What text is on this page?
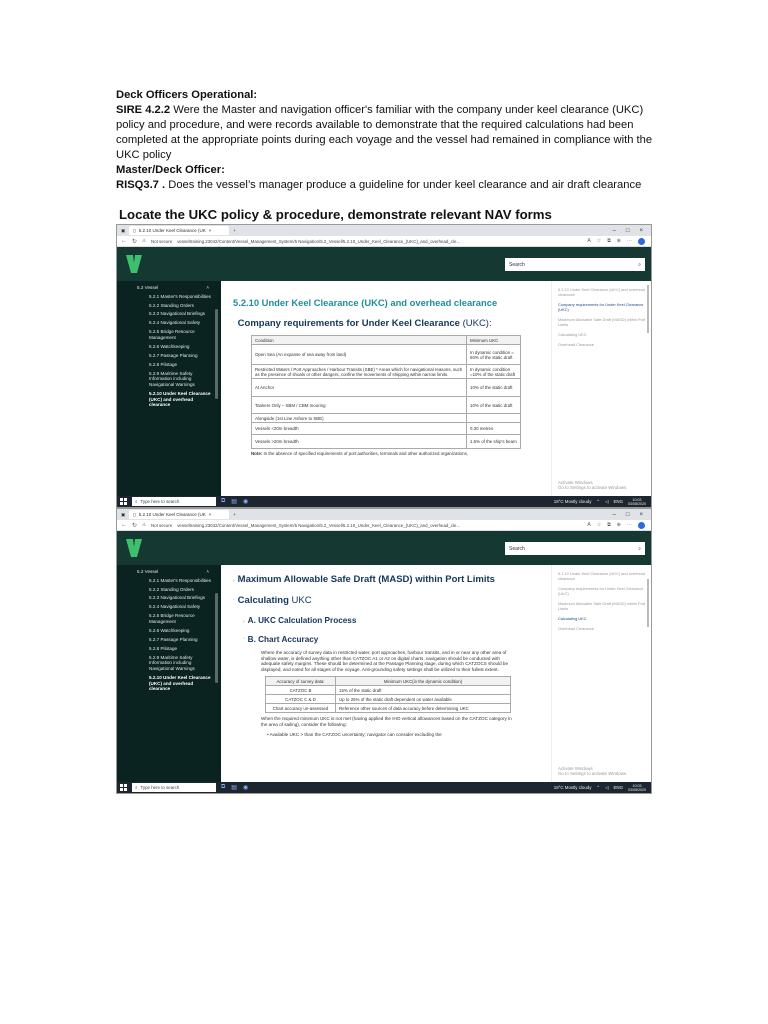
Deck Officers Operational:

SIRE 4.2.2 Were the Master and navigation officer's familiar with the company under keel clearance (UKC) policy and procedure, and were records available to demonstrate that the required calculations had been completed at the appropriate points during each voyage and the vessel had remained in compliance with the UKC policy

Master/Deck Officer:

RISQ3.7 . Does the vessel’s manager produce a guideline for under keel clearance and air draft clearance

Locate the UKC policy & procedure, demonstrate relevant NAV forms
▣ ▯ 5.2.10 Under Keel Clearance (UK ×	+	– □ ×
← ↻ ⚠ Not secure vesseltraining.23042/Content/Vessel_Management_System/5 Navigation/5.2_Vessel/5.2.10_Under_Keel_Clearance_(UKC)_and_overhead_cle...	A ☆ ⧉ ⊕ ⋯
Search	⌕
5.2 Vessel	˄
5.2.1 Master's Responsibilities
5.2.2 Standing Orders
5.2.3 Navigational Briefings
5.2.4 Navigational Safety
5.2.5 Bridge Resource Management
5.2.6 Watchkeeping
5.2.7 Passage Planning
5.2.8 Pilotage
5.2.9 Maritime Safety Information including Navigational Warnings
5.2.10 Under Keel Clearance (UKC) and overhead clearance
5.2.10 Under Keel Clearance (UKC) and overhead clearance
ˇ Company requirements for Under Keel Clearance (UKC):
Condition	Minimum UKC
Open Sea (An expanse of sea away from land)	In dynamic condition = 50% of the static draft
Restricted Waters / Port Approaches / Harbour Transits (SBE) * Areas which for navigational reasons, such as the presence of shoals or other dangers, confine the movements of shipping within narrow limits.	In dynamic condition =10% of the static draft
At Anchor	10% of the static draft
Tankers Only – SBM / CBM mooring	10% of the static draft
Alongside (1st Line Ashore to SBE)	
Vessels <20m breadth	0.30 metres
Vessels >20m breadth	1.5% of the ship's beam
Note: In the absence of specified requirements of port authorities, terminals and other authorized organizations,
5.2.10 Under Keel Clearance (UKC) and overhead clearance
Company requirements for Under Keel Clearance (UKC)
Maximum Allowable Safe Draft (MASD) within Port Limits
Calculating UKC
Overhead Clearance
Activate Windows
Go to Settings to activate Windows.
⌕ Type here to search	⧉ ▤ ◉	18°C Mostly cloudy ⌃ ◁ ENG	10:03
03/08/2020
▣ ▯ 5.2.10 Under Keel Clearance (UK ×	+	– □ ×
← ↻ ⚠ Not secure vesseltraining.23042/Content/Vessel_Management_System/5 Navigation/5.2_Vessel/5.2.10_Under_Keel_Clearance_(UKC)_and_overhead_cle...	A ☆ ⧉ ⊕ ⋯
Search	⌕
5.2 Vessel	˄
5.2.1 Master's Responsibilities
5.2.2 Standing Orders
5.2.3 Navigational Briefings
5.2.4 Navigational Safety
5.2.5 Bridge Resource Management
5.2.6 Watchkeeping
5.2.7 Passage Planning
5.2.8 Pilotage
5.2.9 Maritime Safety Information including Navigational Warnings
5.2.10 Under Keel Clearance (UKC) and overhead clearance
› Maximum Allowable Safe Draft (MASD) within Port Limits
ˇ Calculating UKC
› A. UKC Calculation Process
ˇ B. Chart Accuracy
Where the accuracy of survey data in restricted water, port approaches, harbour transits, and in or near any other area of shallow water, is defined anything other than CATZOC A1 or A2 on digital charts, navigation should be conducted with adequate safety margins. These should be determined at the Passage Planning stage, during which CATZOCS should be displayed, and noted for all stages of the voyage. Anti-grounding safety settings shall be utilized to their fullest extent.
Accuracy of survey data:	Minimum UKC(in the dynamic condition)
CATZOC B	15% of the static draft
CATZOC C & D	Up to 25% of the static draft dependent on water available
Chart accuracy un-assessed	Reference other sources of data accuracy before determining UKC
When the required minimum UKC is not met (having applied the IHO vertical allowances based on the CATZOC category in the area of sailing), consider the following:
• Available UKC > than the CATZOC uncertainty; navigator can consider excluding the
5.2.10 Under Keel Clearance (UKC) and overhead clearance
Company requirements for Under Keel Clearance (UKC)
Maximum Allowable Safe Draft (MASD) within Port Limits
Calculating UKC
Overhead Clearance
Activate Windows
Go to Settings to activate Windows.
⌕ Type here to search	⧉ ▤ ◉	18°C Mostly cloudy ⌃ ◁ ENG	10:03
03/08/2020
